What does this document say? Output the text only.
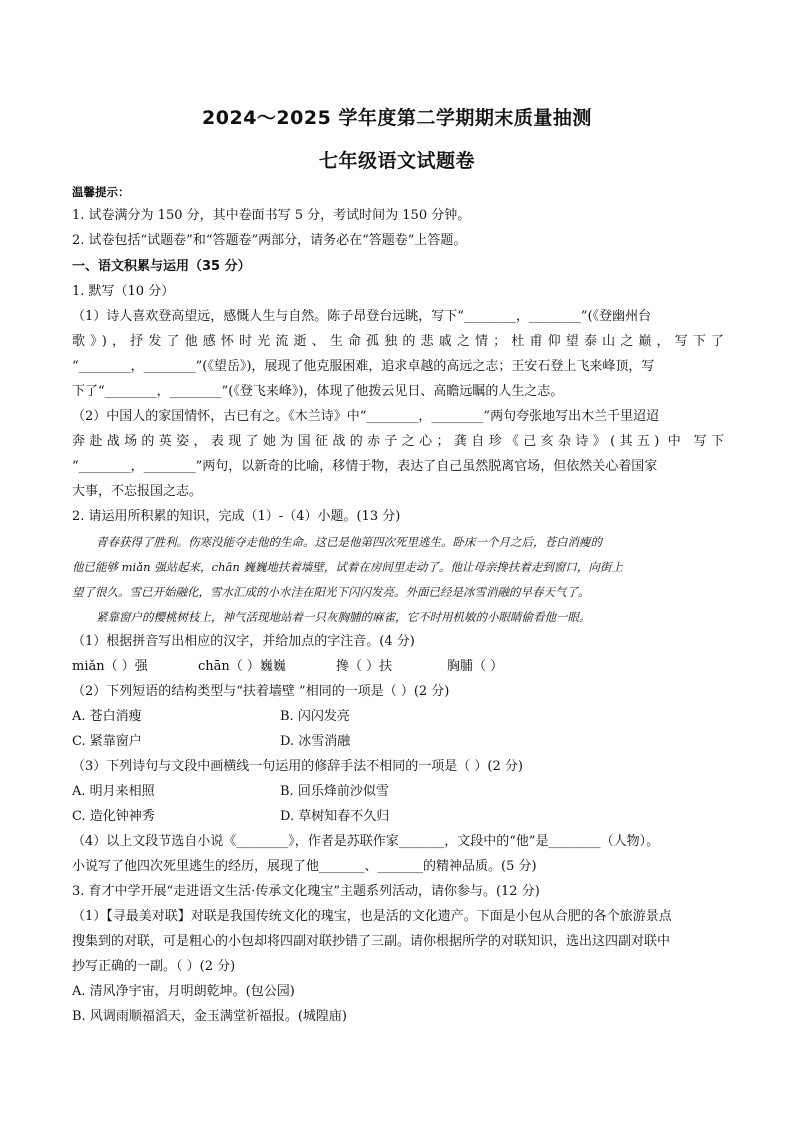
2024～2025 学年度第二学期期末质量抽测
七年级语文试题卷
温馨提示：
1. 试卷满分为 150 分，其中卷面书写 5 分，考试时间为 150 分钟。
2. 试卷包括“试题卷”和“答题卷”两部分，请务必在“答题卷”上答题。
一、语文积累与运用（35 分）
1. 默写（10 分）
（1）诗人喜欢登高望远，感慨人生与自然。陈子昂登台远眺，写下“________，________”(《登幽州台
歌》)，抒发了他感怀时光流逝、生命孤独的悲戚之情；杜甫仰望泰山之巅，写下了
“________，________”(《望岳》)，展现了他克服困难，追求卓越的高远之志；王安石登上飞来峰顶，写
下了“________，________”(《登飞来峰》)，体现了他拨云见日、高瞻远瞩的人生之志。
（2）中国人的家国情怀，古已有之。《木兰诗》中“________，________”两句夸张地写出木兰千里迢迢
奔赴战场的英姿，表现了她为国征战的赤子之心；龚自珍《己亥杂诗》(其五) 中 写下
“________，________”两句，以新奇的比喻，移情于物，表达了自己虽然脱离官场，但依然关心着国家
大事，不忘报国之志。
2. 请运用所积累的知识，完成（1）-（4）小题。(13 分)
青春获得了胜利。伤寒没能夺走他的生命。这已是他第四次死里逃生。卧床一个月之后，苍白消瘦的
他已能够 miǎn 强站起来，chān 巍巍地扶着墙壁，试着在房间里走动了。他让母亲搀扶着走到窗口，向街上
望了很久。雪已开始融化，雪水汇成的小水洼在阳光下闪闪发亮。外面已经是冰雪消融的早春天气了。
紧靠窗户的樱桃树枝上，神气活现地站着一只灰胸脯的麻雀，它不时用机敏的小眼睛偷看他一眼。
（1）根据拼音写出相应的汉字，并给加点的字注音。(4 分)
miǎn（ ）强	chān（ ）巍巍	搀（ ）扶	胸脯（ ）
（2）下列短语的结构类型与“扶着墙壁 ”相同的一项是（ ）(2 分)
A. 苍白消瘦	B. 闪闪发亮
C. 紧靠窗户	D. 冰雪消融
（3）下列诗句与文段中画横线一句运用的修辞手法不相同的一项是（ ）(2 分)
A. 明月来相照	B. 回乐烽前沙似雪
C. 造化钟神秀	D. 草树知春不久归
（4）以上文段节选自小说《________》，作者是苏联作家_______，文段中的“他”是________（人物）。
小说写了他四次死里逃生的经历，展现了他_______、_______的精神品质。(5 分)
3. 育才中学开展“走进语文生活·传承文化瑰宝”主题系列活动，请你参与。(12 分)
（1）【寻最美对联】对联是我国传统文化的瑰宝，也是活的文化遗产。下面是小包从合肥的各个旅游景点
搜集到的对联，可是粗心的小包却将四副对联抄错了三副。请你根据所学的对联知识，选出这四副对联中
抄写正确的一副。（ ）(2 分)
A. 清风净宇宙，月明朗乾坤。(包公园)
B. 风调雨顺福滔天，金玉满堂祈福报。(城隍庙)
